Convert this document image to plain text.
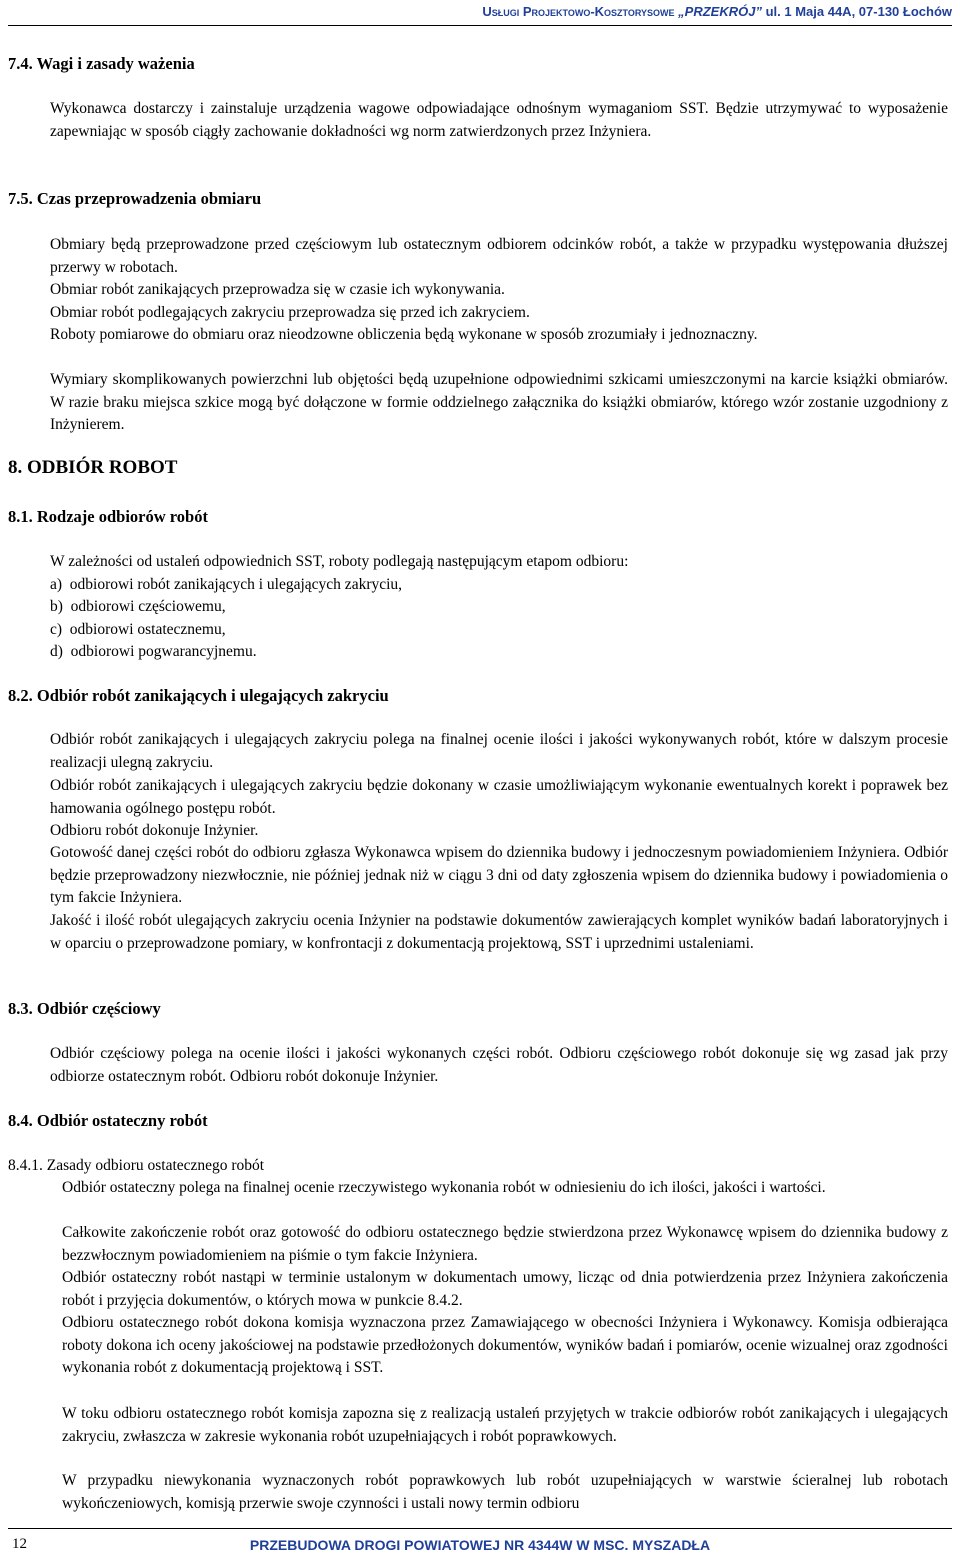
Usługi Projektowo-Kosztorysowe „PRZEKRÓJ” ul. 1 Maja 44A, 07-130 Łochów

7.4. Wagi i zasady ważenia

Wykonawca dostarczy i zainstaluje urządzenia wagowe odpowiadające odnośnym wymaganiom SST. Będzie utrzymywać to wyposażenie zapewniając w sposób ciągły zachowanie dokładności wg norm zatwierdzonych przez Inżyniera.

7.5. Czas przeprowadzenia obmiaru

Obmiary będą przeprowadzone przed częściowym lub ostatecznym odbiorem odcinków robót, a także w przypadku występowania dłuższej przerwy w robotach.

Obmiar robót zanikających przeprowadza się w czasie ich wykonywania.

Obmiar robót podlegających zakryciu przeprowadza się przed ich zakryciem.

Roboty pomiarowe do obmiaru oraz nieodzowne obliczenia będą wykonane w sposób zrozumiały i jednoznaczny.

Wymiary skomplikowanych powierzchni lub objętości będą uzupełnione odpowiednimi szkicami umieszczonymi na karcie książki obmiarów. W razie braku miejsca szkice mogą być dołączone w formie oddzielnego załącznika do książki obmiarów, którego wzór zostanie uzgodniony z Inżynierem.

8. ODBIÓR ROBOT

8.1. Rodzaje odbiorów robót

W zależności od ustaleń odpowiednich SST, roboty podlegają następującym etapom odbioru:

a)  odbiorowi robót zanikających i ulegających zakryciu,

b)  odbiorowi częściowemu,

c)  odbiorowi ostatecznemu,

d)  odbiorowi pogwarancyjnemu.

8.2. Odbiór robót zanikających i ulegających zakryciu

Odbiór robót zanikających i ulegających zakryciu polega na finalnej ocenie ilości i jakości wykonywanych robót, które w dalszym procesie realizacji ulegną zakryciu.

Odbiór robót zanikających i ulegających zakryciu będzie dokonany w czasie umożliwiającym wykonanie ewentualnych korekt i poprawek bez hamowania ogólnego postępu robót.

Odbioru robót dokonuje Inżynier.

Gotowość danej części robót do odbioru zgłasza Wykonawca wpisem do dziennika budowy i jednoczesnym powiadomieniem Inżyniera. Odbiór będzie przeprowadzony niezwłocznie, nie później jednak niż w ciągu 3 dni od daty zgłoszenia wpisem do dziennika budowy i powiadomienia o tym fakcie Inżyniera.

Jakość i ilość robót ulegających zakryciu ocenia Inżynier na podstawie dokumentów zawierających komplet wyników badań laboratoryjnych i w oparciu o przeprowadzone pomiary, w konfrontacji z dokumentacją projektową, SST i uprzednimi ustaleniami.

8.3. Odbiór częściowy

Odbiór częściowy polega na ocenie ilości i jakości wykonanych części robót. Odbioru częściowego robót dokonuje się wg zasad jak przy odbiorze ostatecznym robót. Odbioru robót dokonuje Inżynier.

8.4. Odbiór ostateczny robót

8.4.1. Zasady odbioru ostatecznego robót

Odbiór ostateczny polega na finalnej ocenie rzeczywistego wykonania robót w odniesieniu do ich ilości, jakości i wartości.

Całkowite zakończenie robót oraz gotowość do odbioru ostatecznego będzie stwierdzona przez Wykonawcę wpisem do dziennika budowy z bezzwłocznym powiadomieniem na piśmie o tym fakcie Inżyniera.

Odbiór ostateczny robót nastąpi w terminie ustalonym w dokumentach umowy, licząc od dnia potwierdzenia przez Inżyniera zakończenia robót i przyjęcia dokumentów, o których mowa w punkcie 8.4.2.

Odbioru ostatecznego robót dokona komisja wyznaczona przez Zamawiającego w obecności Inżyniera i Wykonawcy. Komisja odbierająca roboty dokona ich oceny jakościowej na podstawie przedłożonych dokumentów, wyników badań i pomiarów, ocenie wizualnej oraz zgodności wykonania robót z dokumentacją projektową i SST.

W toku odbioru ostatecznego robót komisja zapozna się z realizacją ustaleń przyjętych w trakcie odbiorów robót zanikających i ulegających zakryciu, zwłaszcza w zakresie wykonania robót uzupełniających i robót poprawkowych.

W przypadku niewykonania wyznaczonych robót poprawkowych lub robót uzupełniających w warstwie ścieralnej lub robotach wykończeniowych, komisją przerwie swoje czynności i ustali nowy termin odbioru

12	PRZEBUDOWA DROGI POWIATOWEJ NR 4344W W MSC. MYSZADŁA
